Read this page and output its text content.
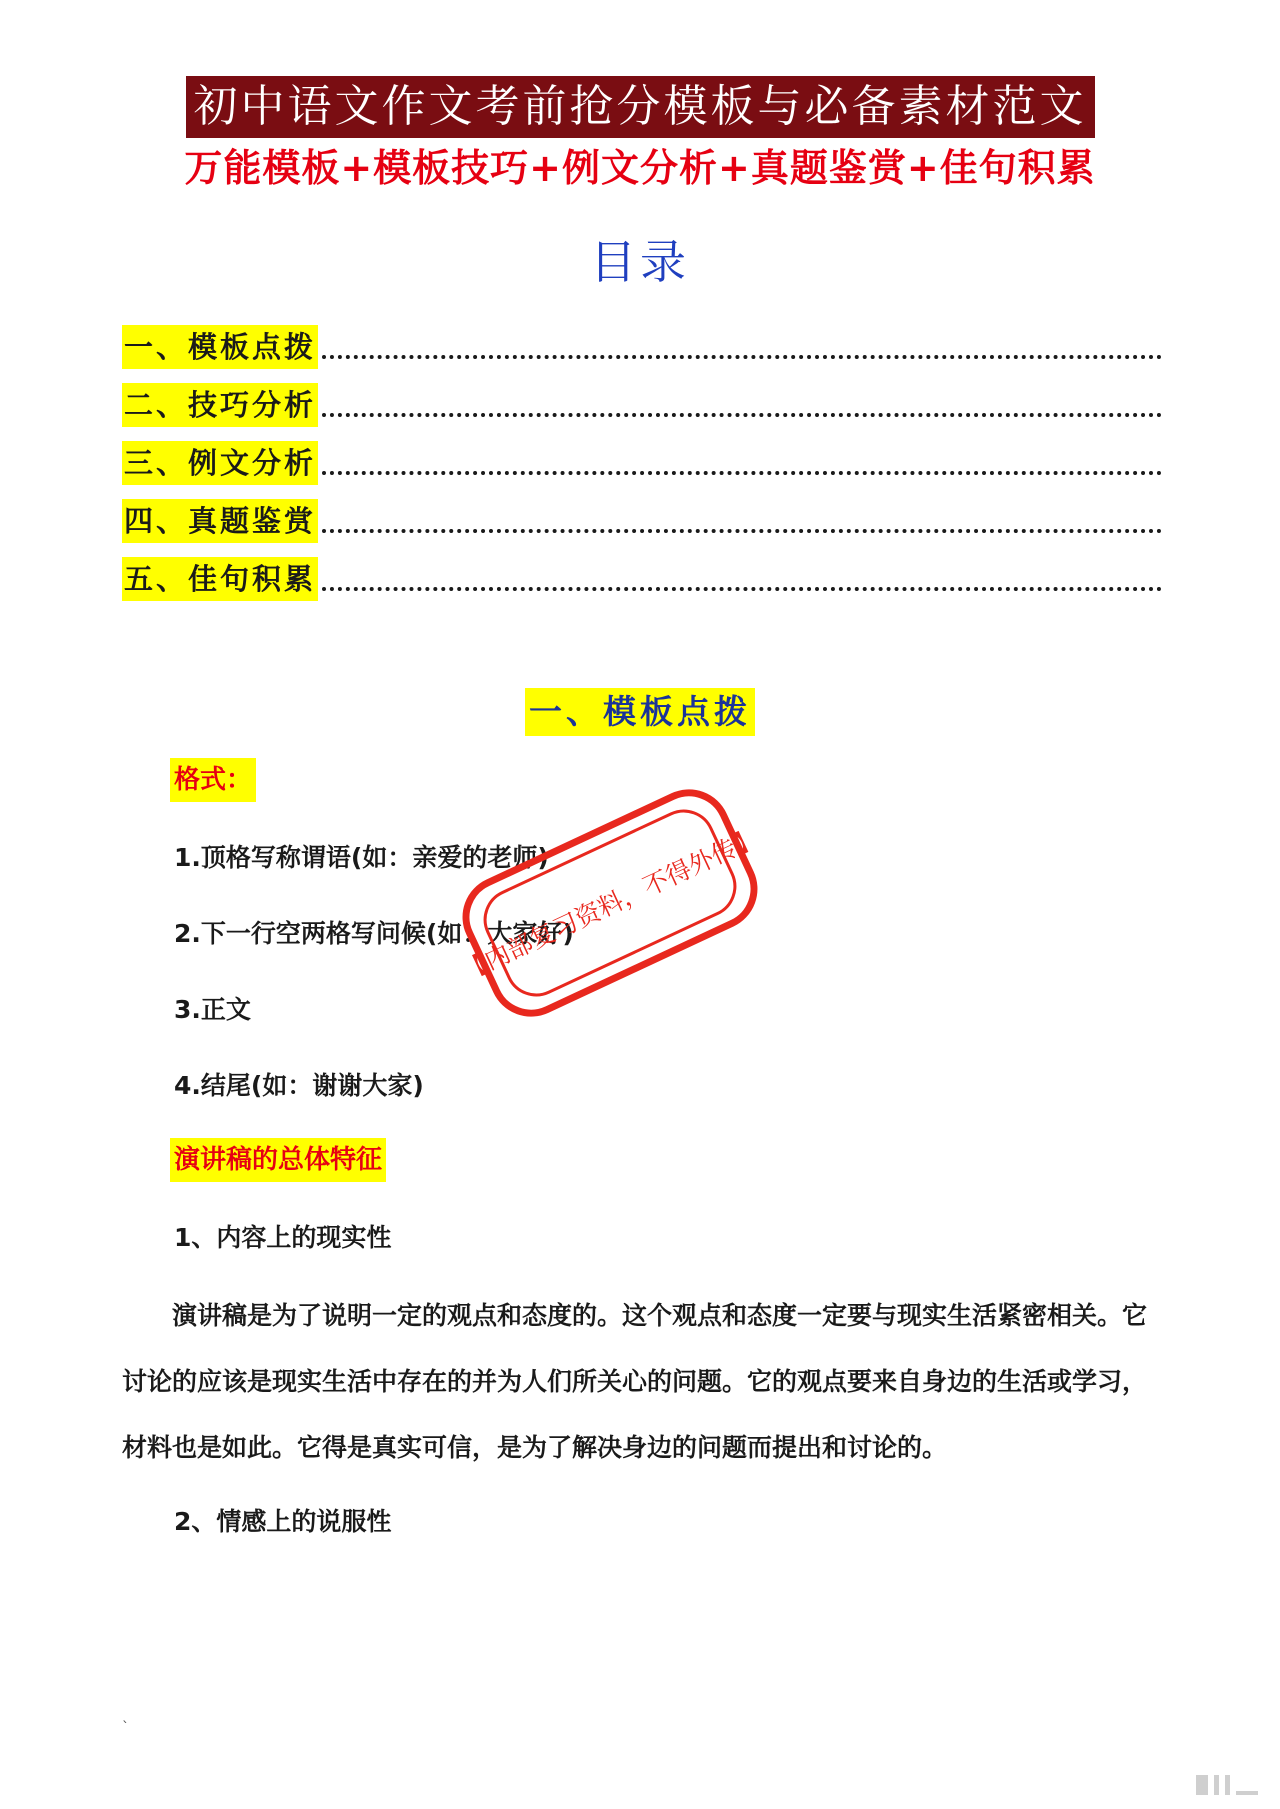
初中语文作文考前抢分模板与必备素材范文
万能模板+模板技巧+例文分析+真题鉴赏+佳句积累
目录
一、模板点拨
二、技巧分析
三、例文分析
四、真题鉴赏
五、佳句积累
一、模板点拨
格式：
1.顶格写称谓语(如：亲爱的老师)
2.下一行空两格写问候(如：大家好)
3.正文
4.结尾(如：谢谢大家)
演讲稿的总体特征
1、内容上的现实性
演讲稿是为了说明一定的观点和态度的。这个观点和态度一定要与现实生活紧密相关。它讨论的应该是现实生活中存在的并为人们所关心的问题。它的观点要来自身边的生活或学习，材料也是如此。它得是真实可信，是为了解决身边的问题而提出和讨论的。
2、情感上的说服性
`
【内部复习资料，不得外传】
